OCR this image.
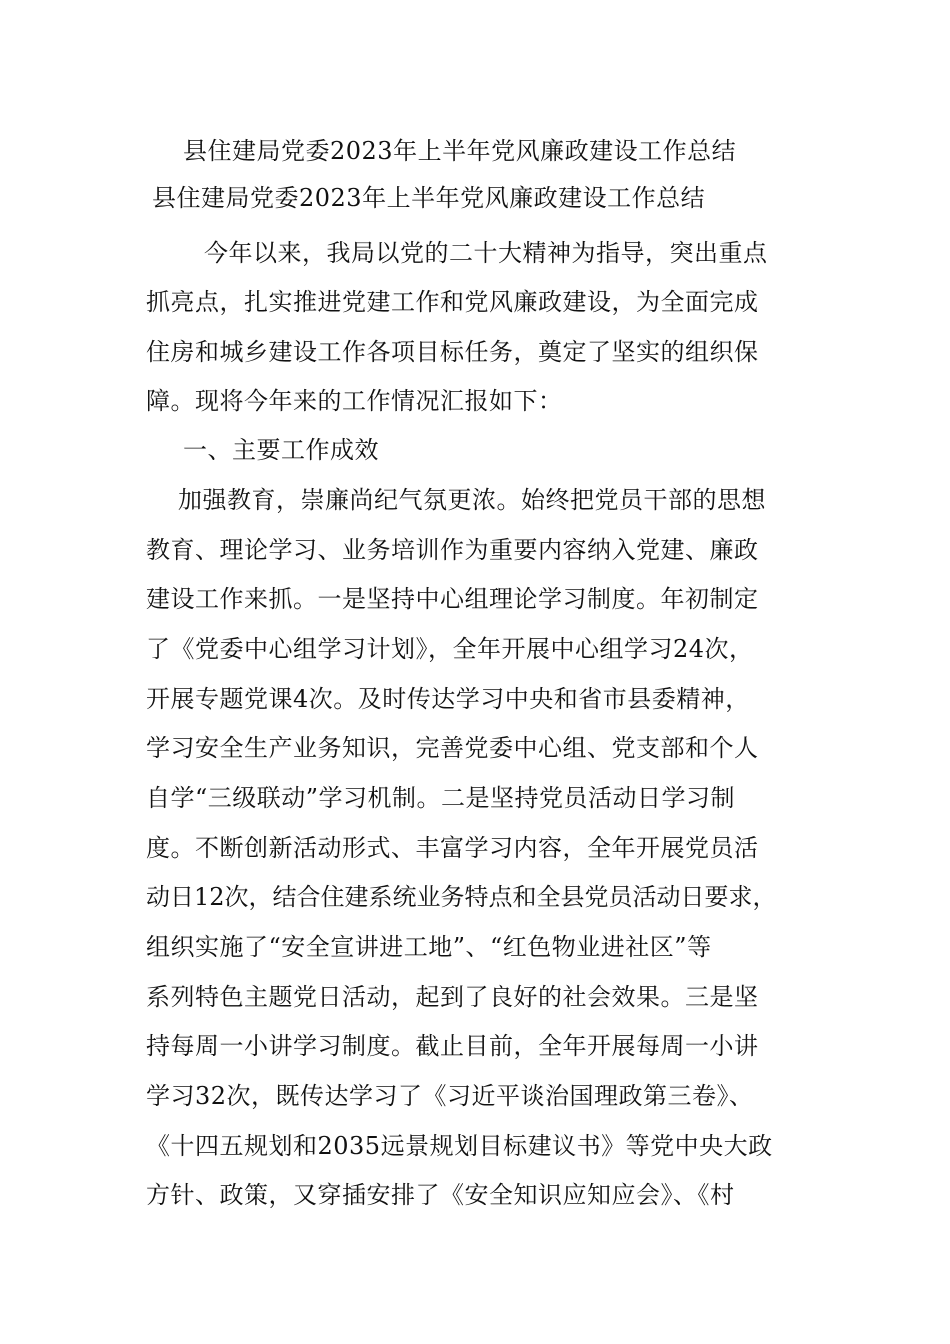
县住建局党委2023年上半年党风廉政建设工作总结
县住建局党委2023年上半年党风廉政建设工作总结
今年以来，我局以党的二十大精神为指导，突出重点
抓亮点，扎实推进党建工作和党风廉政建设，为全面完成
住房和城乡建设工作各项目标任务，奠定了坚实的组织保
障。现将今年来的工作情况汇报如下：
一、主要工作成效
加强教育，崇廉尚纪气氛更浓。始终把党员干部的思想
教育、理论学习、业务培训作为重要内容纳入党建、廉政
建设工作来抓。一是坚持中心组理论学习制度。年初制定
了《党委中心组学习计划》，全年开展中心组学习24次，
开展专题党课4次。及时传达学习中央和省市县委精神，
学习安全生产业务知识，完善党委中心组、党支部和个人
自学“三级联动”学习机制。二是坚持党员活动日学习制
度。不断创新活动形式、丰富学习内容，全年开展党员活
动日12次，结合住建系统业务特点和全县党员活动日要求，
组织实施了“安全宣讲进工地”、“红色物业进社区”等
系列特色主题党日活动，起到了良好的社会效果。三是坚
持每周一小讲学习制度。截止目前，全年开展每周一小讲
学习32次，既传达学习了《习近平谈治国理政第三卷》、
《十四五规划和2035远景规划目标建议书》等党中央大政
方针、政策，又穿插安排了《安全知识应知应会》、《村
